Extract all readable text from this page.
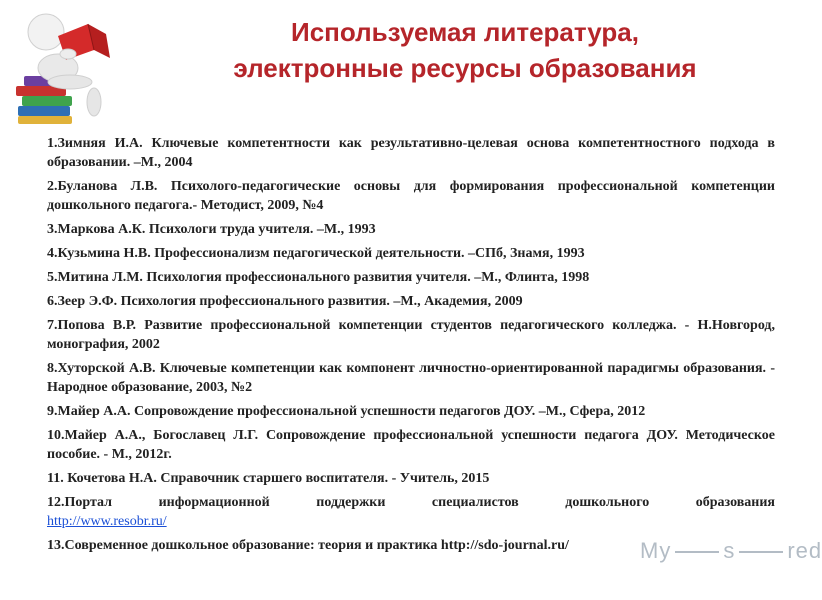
Используемая литература,
электронные ресурсы образования

1.Зимняя И.А. Ключевые компетентности как результативно-целевая основа компетентностного подхода в образовании. –М., 2004

2.Буланова Л.В. Психолого-педагогические основы для формирования профессиональной компетенции дошкольного педагога.- Методист, 2009, №4

3.Маркова А.К. Психологи труда учителя. –М., 1993

4.Кузьмина Н.В. Профессионализм педагогической деятельности. –СПб, Знамя, 1993

5.Митина Л.М. Психология профессионального развития учителя. –М., Флинта, 1998

6.Зеер Э.Ф. Психология профессионального развития. –М., Академия, 2009

7.Попова В.Р. Развитие профессиональной компетенции студентов педагогического колледжа. - Н.Новгород, монография, 2002

8.Хуторской А.В. Ключевые компетенции как компонент личностно-ориентированной парадигмы образования. - Народное образование, 2003, №2

9.Майер А.А. Сопровождение профессиональной успешности педагогов ДОУ. –М., Сфера, 2012

10.Майер А.А., Богославец Л.Г. Сопровождение профессиональной успешности педагога ДОУ. Методическое пособие. - М., 2012г.

11. Кочетова Н.А. Справочник старшего воспитателя. - Учитель, 2015

12.Портал информационной поддержки специалистов дошкольного образования
http://www.resobr.ru/

13.Современное дошкольное образование: теория и практика http://sdo-journal.ru/	My s red
